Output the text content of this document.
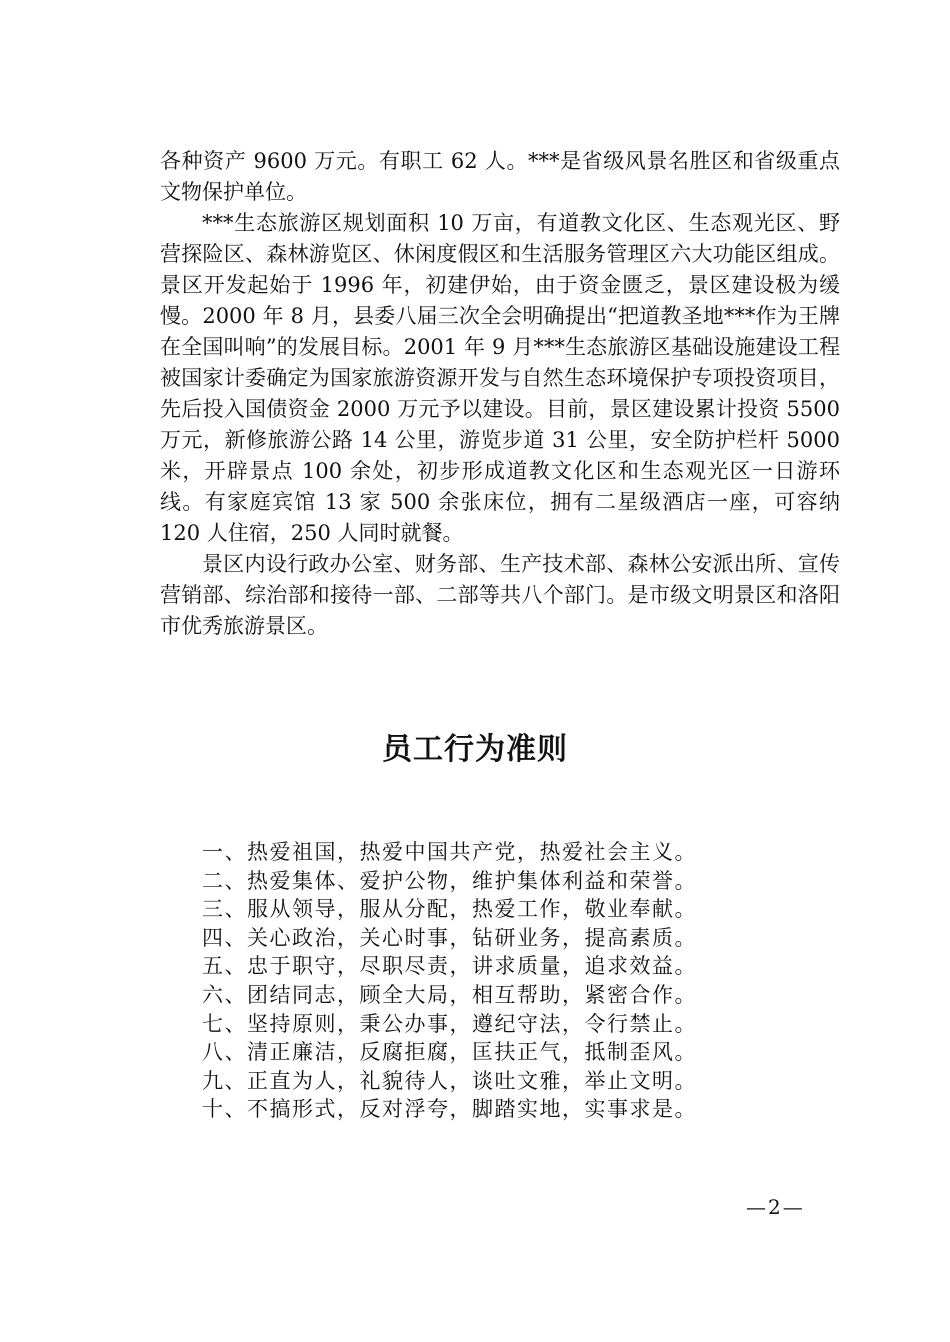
各种资产 9600 万元。有职工 62 人。***是省级风景名胜区和省级重点文物保护单位。

***生态旅游区规划面积 10 万亩，有道教文化区、生态观光区、野营探险区、森林游览区、休闲度假区和生活服务管理区六大功能区组成。景区开发起始于 1996 年，初建伊始，由于资金匮乏，景区建设极为缓慢。2000 年 8 月，县委八届三次全会明确提出“把道教圣地***作为王牌在全国叫响”的发展目标。2001 年 9 月***生态旅游区基础设施建设工程被国家计委确定为国家旅游资源开发与自然生态环境保护专项投资项目，先后投入国债资金 2000 万元予以建设。目前，景区建设累计投资 5500 万元，新修旅游公路 14 公里，游览步道 31 公里，安全防护栏杆 5000 米，开辟景点 100 余处，初步形成道教文化区和生态观光区一日游环线。有家庭宾馆 13 家 500 余张床位，拥有二星级酒店一座，可容纳 120 人住宿，250 人同时就餐。

景区内设行政办公室、财务部、生产技术部、森林公安派出所、宣传营销部、综治部和接待一部、二部等共八个部门。是市级文明景区和洛阳市优秀旅游景区。

员工行为准则
一、热爱祖国，热爱中国共产党，热爱社会主义。
二、热爱集体、爱护公物，维护集体利益和荣誉。
三、服从领导，服从分配，热爱工作，敬业奉献。
四、关心政治，关心时事，钻研业务，提高素质。
五、忠于职守，尽职尽责，讲求质量，追求效益。
六、团结同志，顾全大局，相互帮助，紧密合作。
七、坚持原则，秉公办事，遵纪守法，令行禁止。
八、清正廉洁，反腐拒腐，匡扶正气，抵制歪风。
九、正直为人，礼貌待人，谈吐文雅，举止文明。
十、不搞形式，反对浮夸，脚踏实地，实事求是。
—2—
